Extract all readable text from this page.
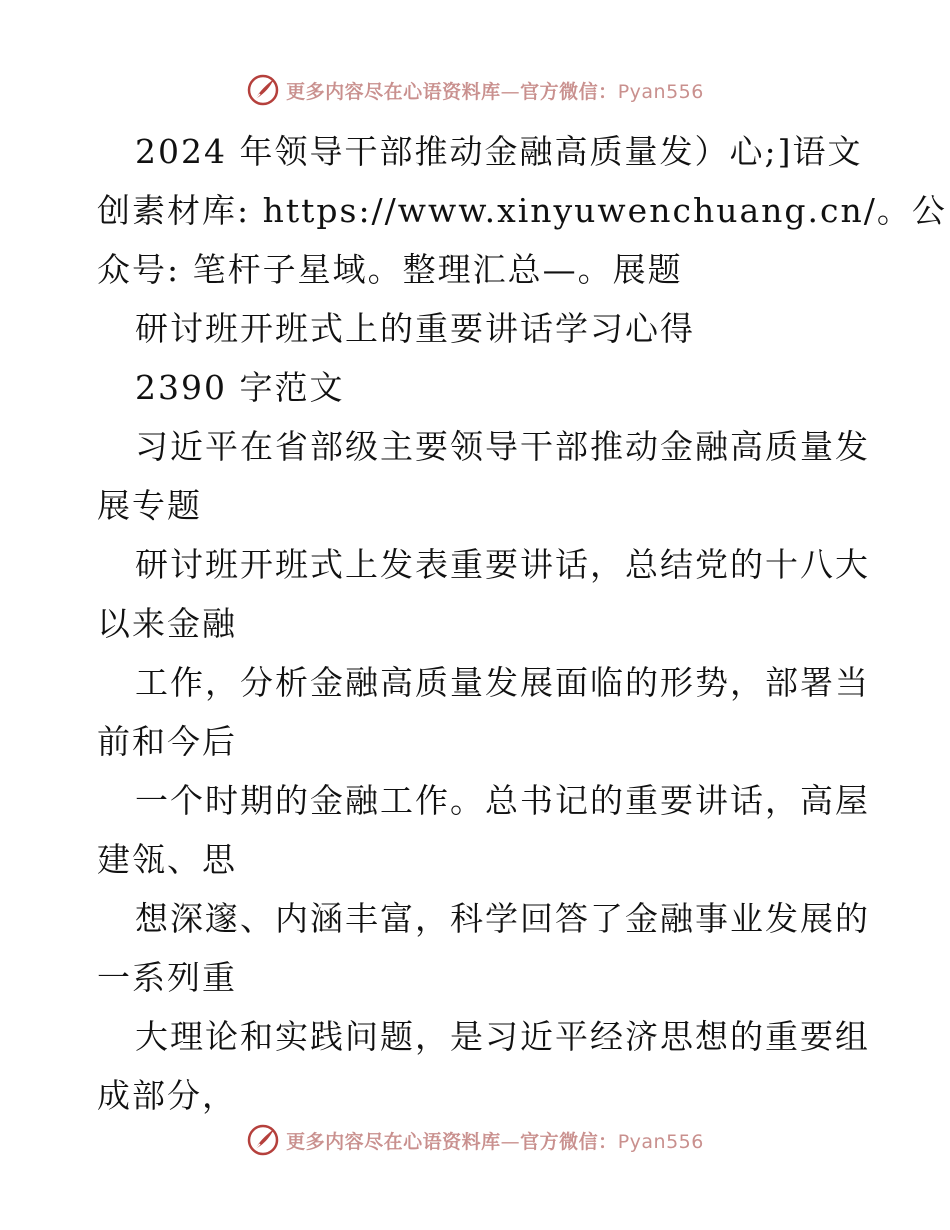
更多内容尽在心语资料库—官方微信：Pyan556
2024 年领导干部推动金融高质量发）心;]语文
创素材库: https://www.xinyuwenchuang.cn/。公
众号: 笔杆子星域。整理汇总—。展题
研讨班开班式上的重要讲话学习心得
2390 字范文
习近平在省部级主要领导干部推动金融高质量发
展专题
研讨班开班式上发表重要讲话，总结党的十八大
以来金融
工作，分析金融高质量发展面临的形势，部署当
前和今后
一个时期的金融工作。总书记的重要讲话，高屋
建瓴、思
想深邃、内涵丰富，科学回答了金融事业发展的
一系列重
大理论和实践问题，是习近平经济思想的重要组
成部分，
更多内容尽在心语资料库—官方微信：Pyan556
